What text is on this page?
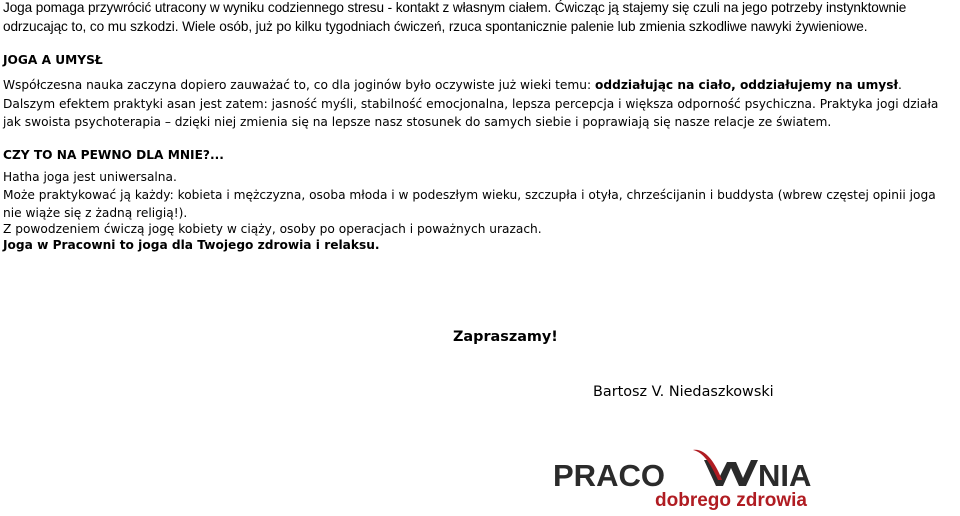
Joga pomaga przywrócić utracony w wyniku codziennego stresu - kontakt z własnym ciałem. Ćwicząc ją stajemy się czuli na jego potrzeby instynktownie
odrzucając to, co mu szkodzi. Wiele osób, już po kilku tygodniach ćwiczeń, rzuca spontanicznie palenie lub zmienia szkodliwe nawyki żywieniowe.
JOGA A UMYSŁ
Współczesna nauka zaczyna dopiero zauważać to, co dla joginów było oczywiste już wieki temu: oddziałując na ciało, oddziałujemy na umysł.
Dalszym efektem praktyki asan jest zatem: jasność myśli, stabilność emocjonalna, lepsza percepcja i większa odporność psychiczna. Praktyka jogi działa
jak swoista psychoterapia – dzięki niej zmienia się na lepsze nasz stosunek do samych siebie i poprawiają się nasze relacje ze światem.
CZY TO NA PEWNO DLA MNIE?...
Hatha joga jest uniwersalna.
Może praktykować ją każdy: kobieta i mężczyzna, osoba młoda i w podeszłym wieku, szczupła i otyła, chrześcijanin i buddysta (wbrew częstej opinii joga
nie wiąże się z żadną religią!).
Z powodzeniem ćwiczą jogę kobiety w ciąży, osoby po operacjach i poważnych urazach.
Joga w Pracowni to joga dla Twojego zdrowia i relaksu.
Zapraszamy!
Bartosz V. Niedaszkowski
PRACO	NIA
dobrego zdrowia
